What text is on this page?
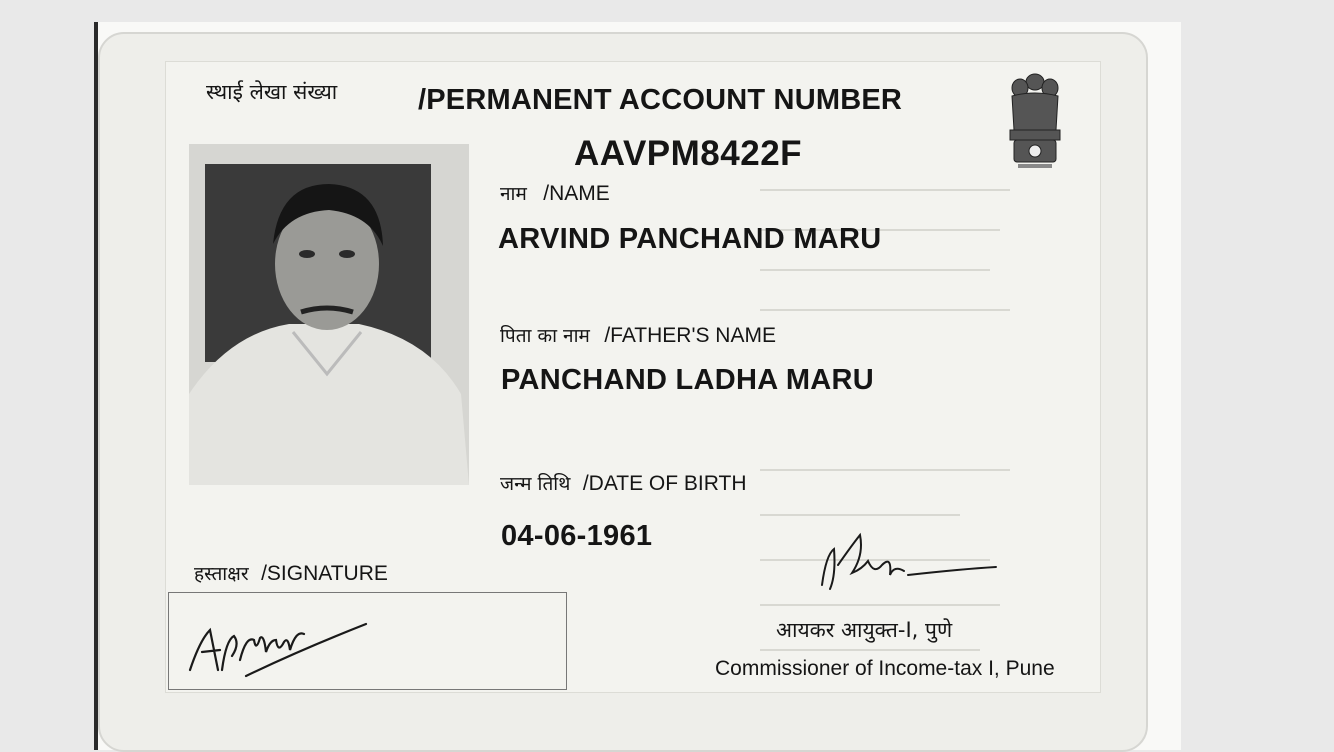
स्थाई लेखा संख्या	/PERMANENT ACCOUNT NUMBER
AAVPM8422F
नाम /NAME
ARVIND PANCHAND MARU
पिता का नाम /FATHER'S NAME
PANCHAND LADHA MARU
जन्म तिथि /DATE OF BIRTH
04-06-1961
हस्ताक्षर /SIGNATURE
आयकर आयुक्त-I, पुणे
Commissioner of Income-tax I, Pune
